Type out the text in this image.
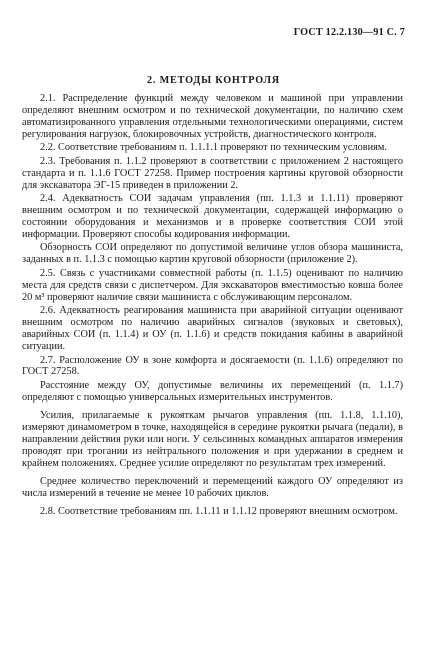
ГОСТ 12.2.130—91 С. 7
2. МЕТОДЫ КОНТРОЛЯ

2.1. Распределение функций между человеком и машиной при управлении определяют внешним осмотром и по технической документации, по наличию схем автоматизированного управления отдельными технологическими операциями, систем регулирования нагрузок, блокировочных устройств, диагностического контроля.

2.2. Соответствие требованиям п. 1.1.1.1 проверяют по техническим условиям.

2.3. Требования п. 1.1.2 проверяют в соответствии с приложением 2 настоящего стандарта и п. 1.1.6 ГОСТ 27258. Пример построения картины круговой обзорности для экскаватора ЭГ-15 приведен в приложении 2.

2.4. Адекватность СОИ задачам управления (пп. 1.1.3 и 1.1.11) проверяют внешним осмотром и по технической документации, содержащей информацию о состоянии оборудования и механизмов и в проверке соответствия СОИ этой информации. Проверяют способы кодирования информации.

Обзорность СОИ определяют по допустимой величине углов обзора машиниста, заданных в п. 1.1.3 с помощью картин круговой обзорности (приложение 2).

2.5. Связь с участниками совместной работы (п. 1.1.5) оценивают по наличию места для средств связи с диспетчером. Для экскаваторов вместимостью ковша более 20 м³ проверяют наличие связи машиниста с обслуживающим персоналом.

2.6. Адекватность реагирования машиниста при аварийной ситуации оценивают внешним осмотром по наличию аварийных сигналов (звуковых и световых), аварийных СОИ (п. 1.1.4) и ОУ (п. 1.1.6) и средств покидания кабины в аварийной ситуации.

2.7. Расположение ОУ в зоне комфорта и досягаемости (п. 1.1.6) определяют по ГОСТ 27258.

Расстояние между ОУ, допустимые величины их перемещений (п. 1.1.7) определяют с помощью универсальных измерительных инструментов.

Усилия, прилагаемые к рукояткам рычагов управления (пп. 1.1.8, 1.1.10), измеряют динамометром в точке, находящейся в середине рукоятки рычага (педали), в направлении действия руки или ноги. У сельсинных командных аппаратов измерения проводят при трогании из нейтрального положения и при удержании в среднем и крайнем положениях. Среднее усилие определяют по результатам трех измерений.

Среднее количество переключений и перемещений каждого ОУ определяют из числа измерений в течение не менее 10 рабочих циклов.

2.8. Соответствие требованиям пп. 1.1.11 и 1.1.12 проверяют внешним осмотром.
